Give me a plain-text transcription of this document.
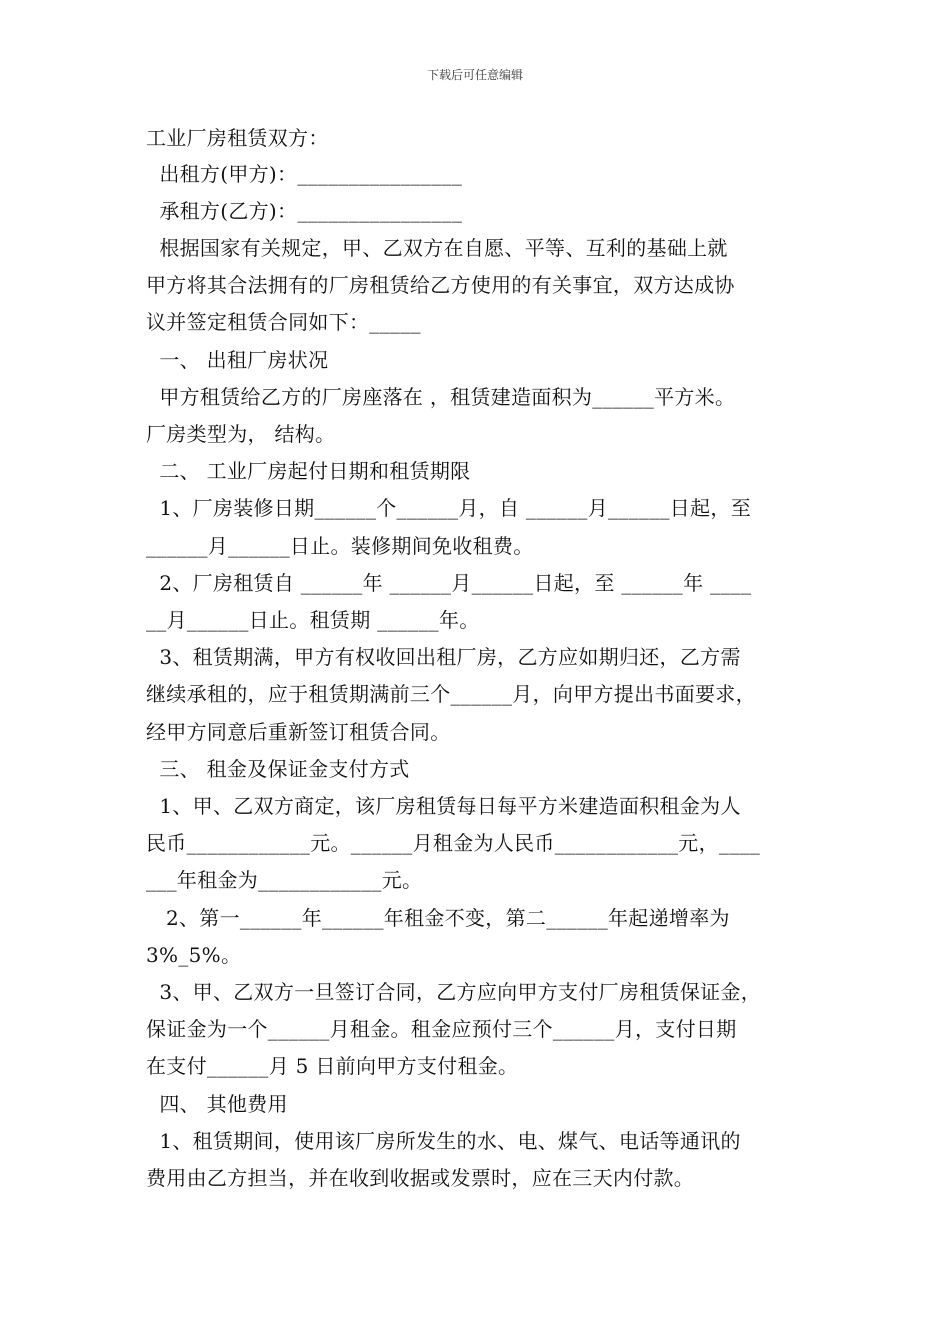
下载后可任意编辑
工业厂房租赁双方：
出租方(甲方)：________________
承租方(乙方)：________________
根据国家有关规定，甲、乙双方在自愿、平等、互利的基础上就
甲方将其合法拥有的厂房租赁给乙方使用的有关事宜，双方达成协
议并签定租赁合同如下：_____
一、 出租厂房状况
甲方租赁给乙方的厂房座落在 ，租赁建造面积为______平方米。
厂房类型为， 结构。
二、 工业厂房起付日期和租赁期限
1、厂房装修日期______个______月，自 ______月______日起，至
______月______日止。装修期间免收租费。
2、厂房租赁自 ______年 ______月______日起，至 ______年 ____
__月______日止。租赁期 ______年。
3、租赁期满，甲方有权收回出租厂房，乙方应如期归还，乙方需
继续承租的，应于租赁期满前三个______月，向甲方提出书面要求，
经甲方同意后重新签订租赁合同。
三、 租金及保证金支付方式
1、甲、乙双方商定，该厂房租赁每日每平方米建造面积租金为人
民币____________元。______月租金为人民币____________元，____
___年租金为____________元。
2、第一______年______年租金不变，第二______年起递增率为
3%_5%。
3、甲、乙双方一旦签订合同，乙方应向甲方支付厂房租赁保证金，
保证金为一个______月租金。租金应预付三个______月，支付日期
在支付______月 5 日前向甲方支付租金。
四、 其他费用
1、租赁期间，使用该厂房所发生的水、电、煤气、电话等通讯的
费用由乙方担当，并在收到收据或发票时，应在三天内付款。
